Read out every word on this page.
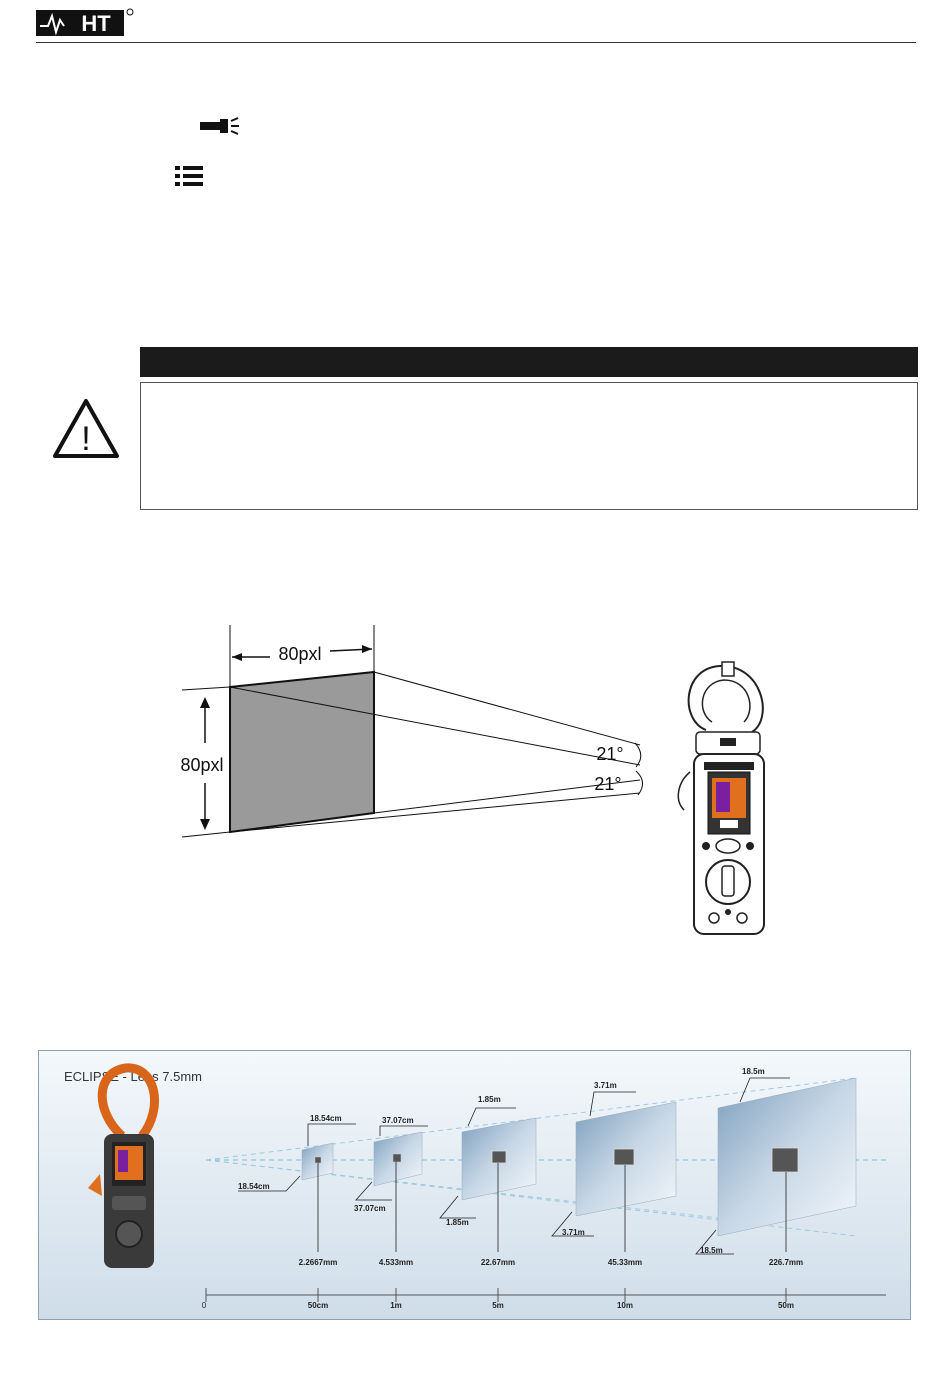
HT
!
80pxl
80pxl
21°
21°
ECLIPSE - Lens 7.5mm
0
18.54cm
18.54cm
2.2667mm
50cm
37.07cm
37.07cm
4.533mm
1m
1.85m
1.85m
22.67mm
5m
3.71m
3.71m
45.33mm
10m
18.5m
18.5m
226.7mm
50m
